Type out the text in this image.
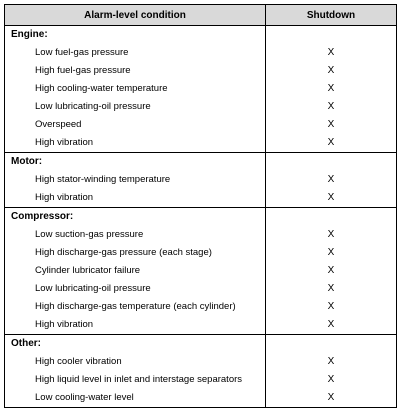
Alarm-level condition	Shutdown
Engine:
Low fuel-gas pressure
High fuel-gas pressure
High cooling-water temperature
Low lubricating-oil pressure
Overspeed
High vibration
X
X
X
X
X
X
Motor:
High stator-winding temperature
High vibration
X
X
Compressor:
Low suction-gas pressure
High discharge-gas pressure (each stage)
Cylinder lubricator failure
Low lubricating-oil pressure
High discharge-gas temperature (each cylinder)
High vibration
X
X
X
X
X
X
Other:
High cooler vibration
High liquid level in inlet and interstage separators
Low cooling-water level
X
X
X
